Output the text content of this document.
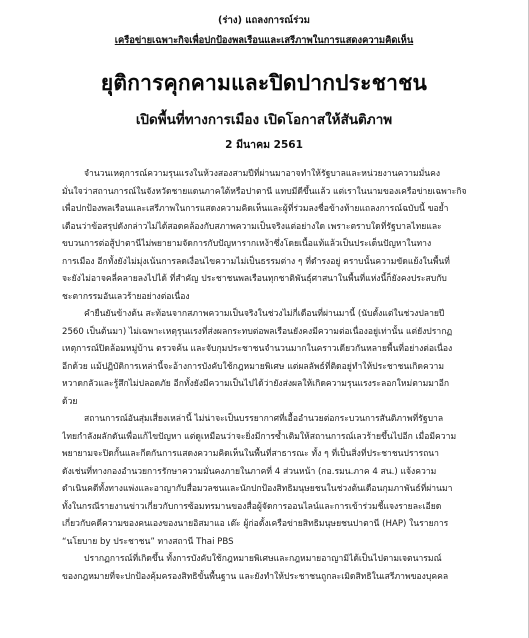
(ร่าง) แถลงการณ์ร่วม
เครือข่ายเฉพาะกิจเพื่อปกป้องพลเรือนและเสรีภาพในการแสดงความคิดเห็น
ยุติการคุกคามและปิดปากประชาชน
เปิดพื้นที่ทางการเมือง เปิดโอกาสให้สันติภาพ
2 มีนาคม 2561
จำนวนเหตุการณ์ความรุนแรงในห้วงสองสามปีที่ผ่านมาอาจทำให้รัฐบาลและหน่วยงานความมั่นคง
มั่นใจว่าสถานการณ์ในจังหวัดชายแดนภาคใต้หรือปาตานี แทบมีดีขึ้นแล้ว แต่เราในนามของเครือข่ายเฉพาะกิจ
เพื่อปกป้องพลเรือนและเสรีภาพในการแสดงความคิดเห็นและผู้ที่ร่วมลงชื่อข้างท้ายแถลงการณ์ฉบับนี้ ขอย้ำ
เตือนว่าข้อสรุปดังกล่าวไม่ได้สอดคล้องกับสภาพความเป็นจริงแต่อย่างใด เพราะตราบใดที่รัฐบาลไทยและ
ขบวนการต่อสู้ปาตานีไม่พยายามจัดการกับปัญหารากเหง้าซึ่งโดยเนื้อแท้แล้วเป็นประเด็นปัญหาในทาง
การเมือง อีกทั้งยังไม่มุ่งเน้นการลดเงื่อนไขความไม่เป็นธรรมต่าง ๆ ที่ดำรงอยู่ ตราบนั้นความขัดแย้งในพื้นที่
จะยังไม่อาจคลี่คลายลงไปได้ ที่สำคัญ ประชาชนพลเรือนทุกชาติพันธุ์ศาสนาในพื้นที่แห่งนี้ก็ยังคงประสบกับ
ชะตากรรมอันเลวร้ายอย่างต่อเนื่อง
คำยืนยันข้างต้น สะท้อนจากสภาพความเป็นจริงในช่วงไม่กี่เดือนที่ผ่านมานี้ (นับตั้งแต่ในช่วงปลายปี
2560 เป็นต้นมา) ไม่เฉพาะเหตุรุนแรงที่ส่งผลกระทบต่อพลเรือนยังคงมีความต่อเนื่องอยู่เท่านั้น แต่ยังปรากฏ
เหตุการณ์ปิดล้อมหมู่บ้าน ตรวจค้น และจับกุมประชาชนจำนวนมากในคราวเดียวกันหลายพื้นที่อย่างต่อเนื่อง
อีกด้วย แม้ปฏิบัติการเหล่านี้จะอ้างการบังคับใช้กฎหมายพิเศษ แต่ผลลัพธ์ที่ติดอยู่ทำให้ประชาชนเกิดความ
หวาดกลัวและรู้สึกไม่ปลอดภัย อีกทั้งยังมีความเป็นไปได้ว่ายังส่งผลให้เกิดความรุนแรงระลอกใหม่ตามมาอีก
ด้วย
สถานการณ์อันสุ่มเสี่ยงเหล่านี้ ไม่น่าจะเป็นบรรยากาศที่เอื้ออำนวยต่อกระบวนการสันติภาพที่รัฐบาล
ไทยกำลังผลักดันเพื่อแก้ไขปัญหา แต่ดูเหมือนว่าจะยิ่งมีการซ้ำเติมให้สถานการณ์เลวร้ายขึ้นไปอีก เมื่อมีความ
พยายามจะปิดกั้นและกีดกันการแสดงความคิดเห็นในพื้นที่สาธารณะ ทั้ง ๆ ที่เป็นสิ่งที่ประชาชนปรารถนา
ดังเช่นที่ทางกองอำนวยการรักษาความมั่นคงภายในภาคที่ 4 ส่วนหน้า (กอ.รมน.ภาค 4 สน.) แจ้งความ
ดำเนินคดีทั้งทางแพ่งและอาญากับสื่อมวลชนและนักปกป้องสิทธิมนุษยชนในช่วงต้นเดือนกุมภาพันธ์ที่ผ่านมา
ทั้งในกรณีรายงานข่าวเกี่ยวกับการซ้อมทรมานของสื่อผู้จัดการออนไลน์และการเข้าร่วมชี้แจงรายละเอียด
เกี่ยวกับคดีความของคนเองของนายอิสมาแอ เต๊ะ ผู้ก่อตั้งเครือข่ายสิทธิมนุษยชนปาตานี (HAP) ในรายการ
“นโยบาย by ประชาชน” ทางสถานี Thai PBS
ปรากฏการณ์ที่เกิดขึ้น ทั้งการบังคับใช้กฎหมายพิเศษและกฎหมายอาญามิได้เป็นไปตามเจตนารมณ์
ของกฎหมายที่จะปกป้องคุ้มครองสิทธิขั้นพื้นฐาน และยังทำให้ประชาชนถูกละเมิดสิทธิในเสรีภาพของบุคคล
